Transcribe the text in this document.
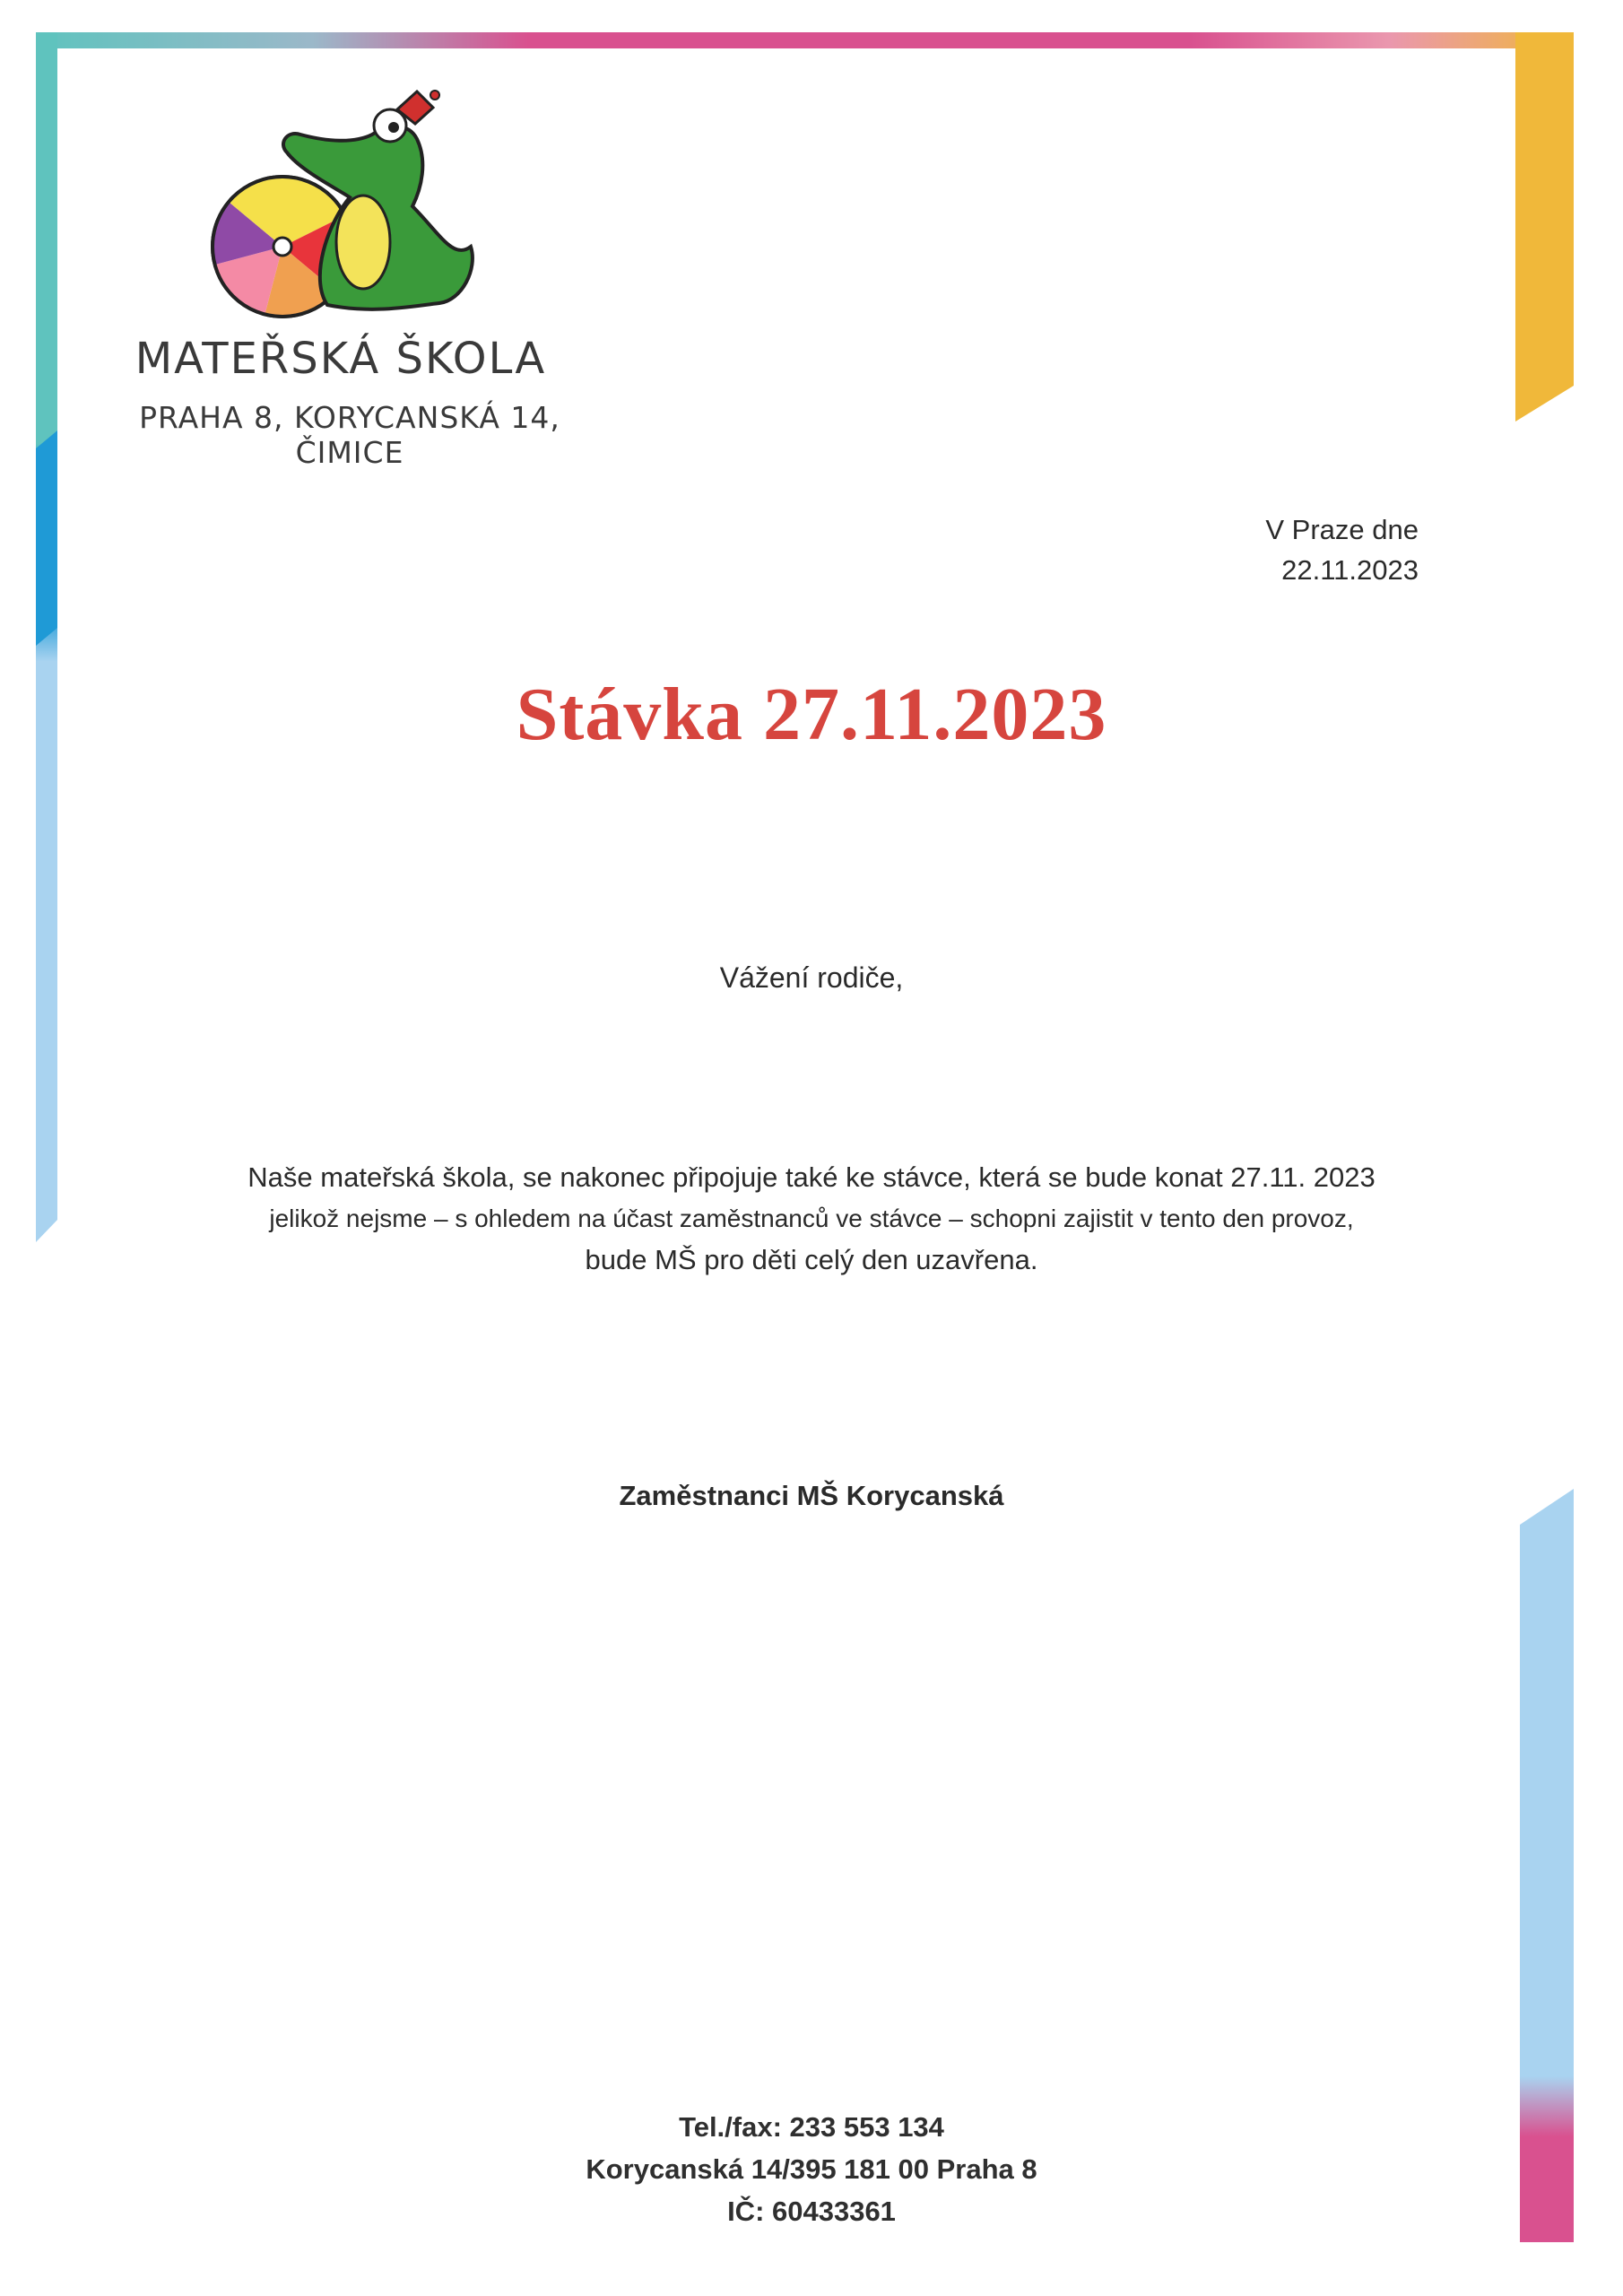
MATEŘSKÁ ŠKOLA
PRAHA 8, KORYCANSKÁ 14, ČIMICE
V Praze dne
22.11.2023
Stávka 27.11.2023
Vážení rodiče,
Naše mateřská škola, se nakonec připojuje také ke stávce, která se bude konat 27.11. 2023
jelikož nejsme – s ohledem na účast zaměstnanců ve stávce – schopni zajistit v tento den provoz,
bude MŠ pro děti celý den uzavřena.
Zaměstnanci MŠ Korycanská
Tel./fax: 233 553 134
Korycanská 14/395 181 00 Praha 8
IČ: 60433361
